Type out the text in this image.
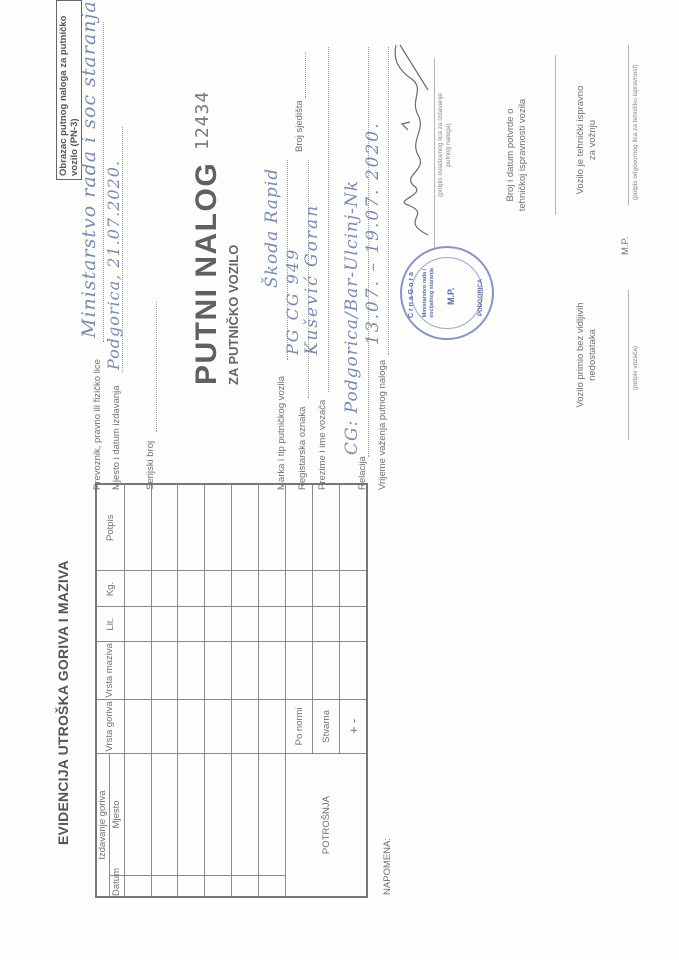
EVIDENCIJA UTROŠKA GORIVA I MAZIVA	Izdavanje goriva		Vrsta goriva	Vrsta maziva	Lit.	Kg.	Potpis
Datum	Mjesto					

POTROŠNJA		Po normi				
		Stvarna				
		+ -				
NAPOMENA:
Obrazac putnog naloga za putničko vozilo (PN-3)
Prevoznik, pravno ili fizičko lice
Ministarstvo rada i soc staranja
Mjesto i datum izdavanja
Podgorica, 21.07.2020.
Serijski broj
PUTNI NALOG ZA PUTNIČKO VOZILO
12434
Marka i tip putničkog vozila
Škoda Rapid
Registarska oznaka
PG CG 949
Broj sjedišta
Prezime i ime vozača
Kušević Goran
Relacija
CG: Podgorica/Bar-Ulcinj-Nk Vrijeme važenja putnog naloga
13.07. – 19.07. 2020.	(potpis ovlašćenog lica za izdavanje putnog naloga)
C r n a G o r a	PODGORICA
Ministarstvo rada i socijalnog staranja M.P.
Broj i datum potvrde o tehničkoj ispravnosti vozila	Vozilo je tehnički ispravno za vožnju	(potpis odgovornog lica za tehničku ispravnost)
M.P.
Vozilo primio bez vidljivih nedostataka	(potpis vozača)
